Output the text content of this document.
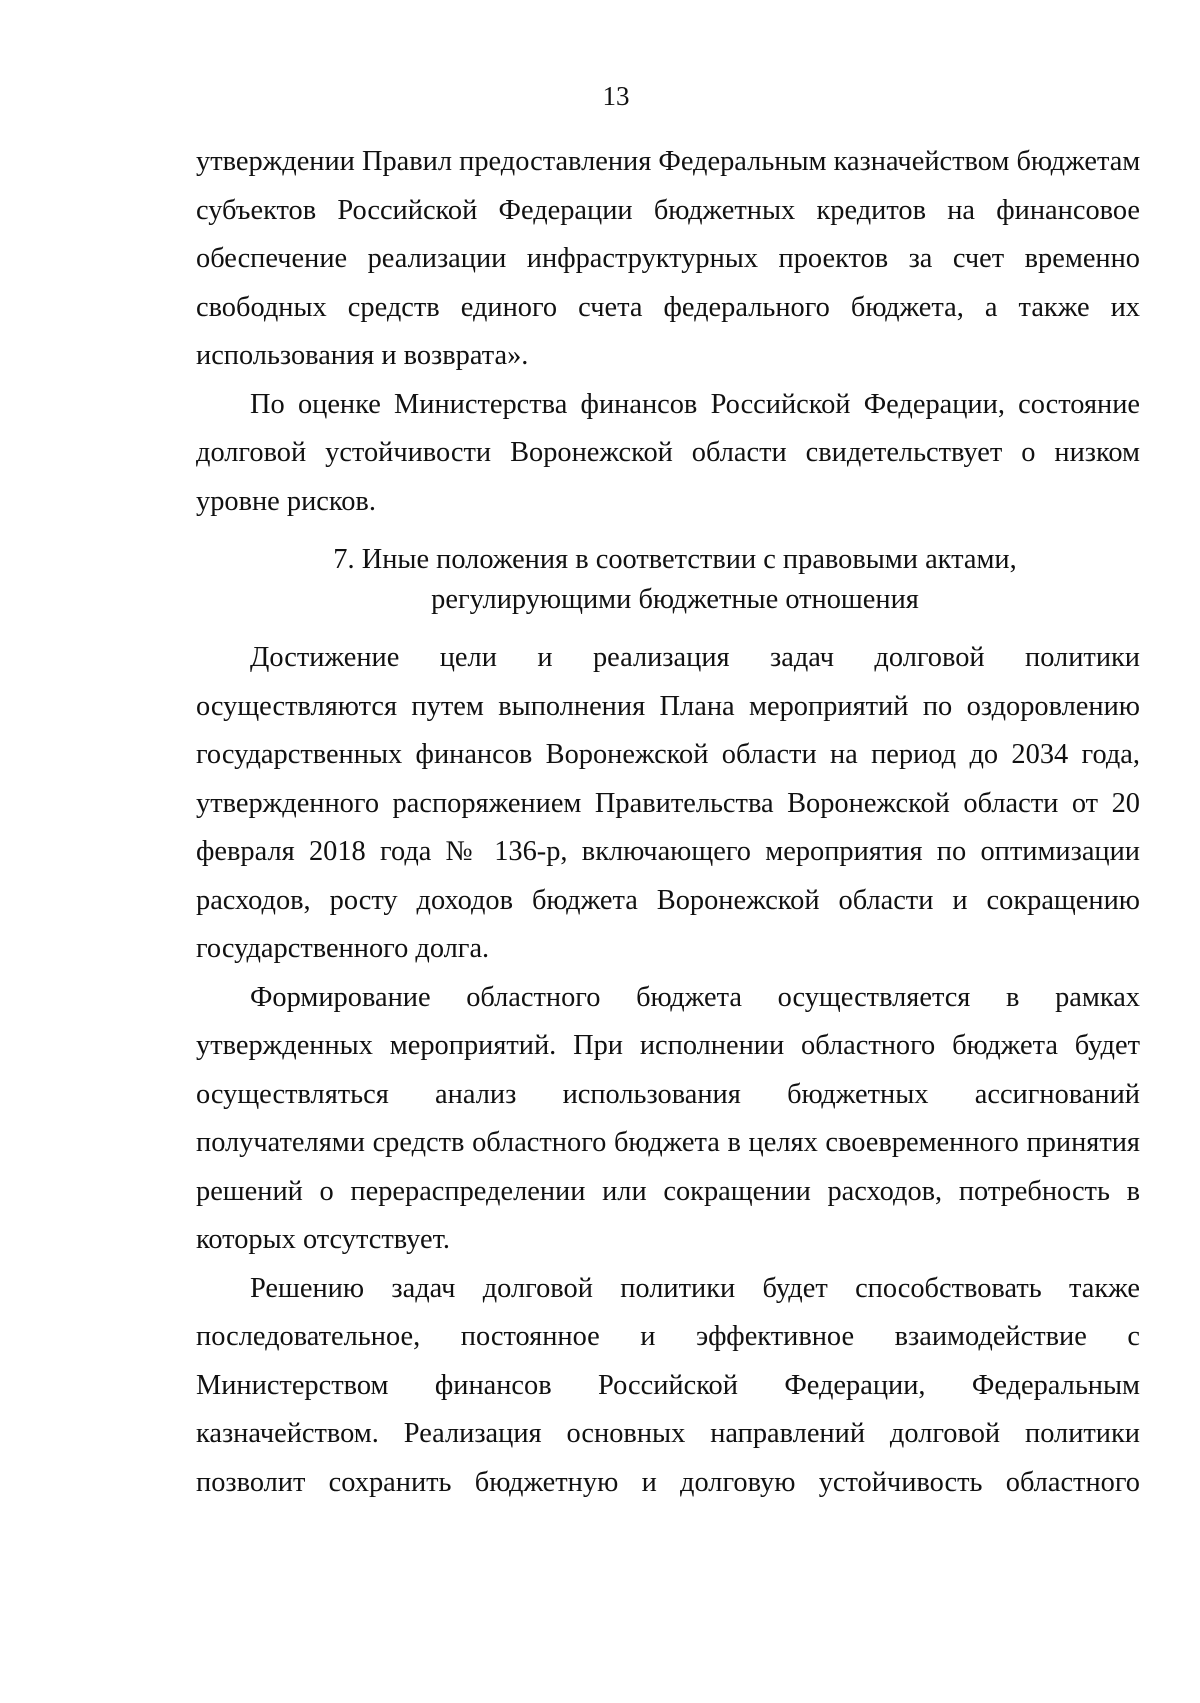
13

утверждении Правил предоставления Федеральным казначейством бюджетам
субъектов Российской Федерации бюджетных кредитов на финансовое
обеспечение реализации инфраструктурных проектов за счет временно
свободных средств единого счета федерального бюджета, а также их
использования и возврата».

По оценке Министерства финансов Российской Федерации, состояние
долговой устойчивости Воронежской области свидетельствует о низком
уровне рисков.

7. Иные положения в соответствии с правовыми актами,
регулирующими бюджетные отношения

Достижение цели и реализация задач долговой политики
осуществляются путем выполнения Плана мероприятий по оздоровлению
государственных финансов Воронежской области на период до 2034 года,
утвержденного распоряжением Правительства Воронежской области от 20
февраля 2018 года № 136-р, включающего мероприятия по оптимизации
расходов, росту доходов бюджета Воронежской области и сокращению
государственного долга.

Формирование областного бюджета осуществляется в рамках
утвержденных мероприятий. При исполнении областного бюджета будет
осуществляться анализ использования бюджетных ассигнований
получателями средств областного бюджета в целях своевременного принятия
решений о перераспределении или сокращении расходов, потребность в
которых отсутствует.

Решению задач долговой политики будет способствовать также
последовательное, постоянное и эффективное взаимодействие с
Министерством финансов Российской Федерации, Федеральным
казначейством. Реализация основных направлений долговой политики
позволит сохранить бюджетную и долговую устойчивость областного
